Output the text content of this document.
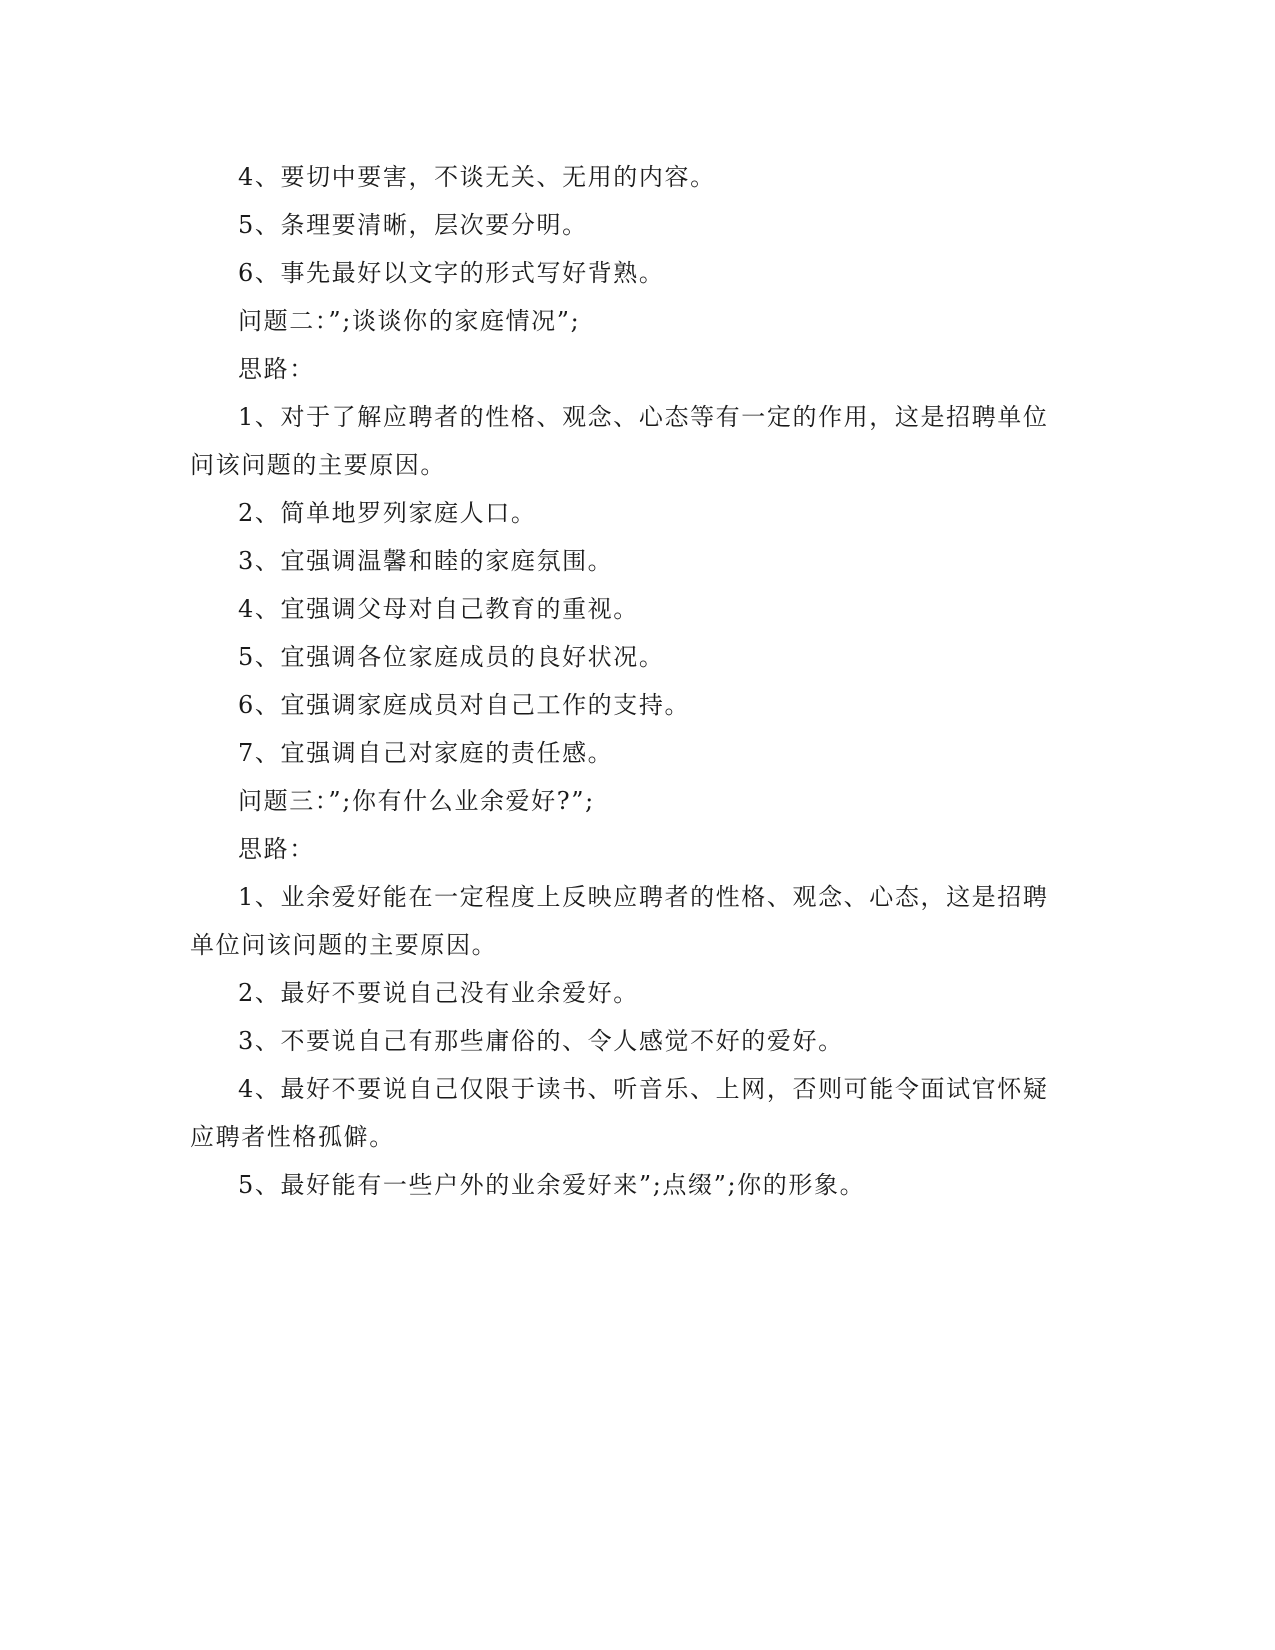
4、要切中要害，不谈无关、无用的内容。

5、条理要清晰，层次要分明。

6、事先最好以文字的形式写好背熟。

问题二：”;谈谈你的家庭情况”;

思路：

1、对于了解应聘者的性格、观念、心态等有一定的作用，这是招聘单位问该问题的主要原因。

2、简单地罗列家庭人口。

3、宜强调温馨和睦的家庭氛围。

4、宜强调父母对自己教育的重视。

5、宜强调各位家庭成员的良好状况。

6、宜强调家庭成员对自己工作的支持。

7、宜强调自己对家庭的责任感。

问题三：”;你有什么业余爱好?”;

思路：

1、业余爱好能在一定程度上反映应聘者的性格、观念、心态，这是招聘单位问该问题的主要原因。

2、最好不要说自己没有业余爱好。

3、不要说自己有那些庸俗的、令人感觉不好的爱好。

4、最好不要说自己仅限于读书、听音乐、上网，否则可能令面试官怀疑应聘者性格孤僻。

5、最好能有一些户外的业余爱好来”;点缀”;你的形象。
